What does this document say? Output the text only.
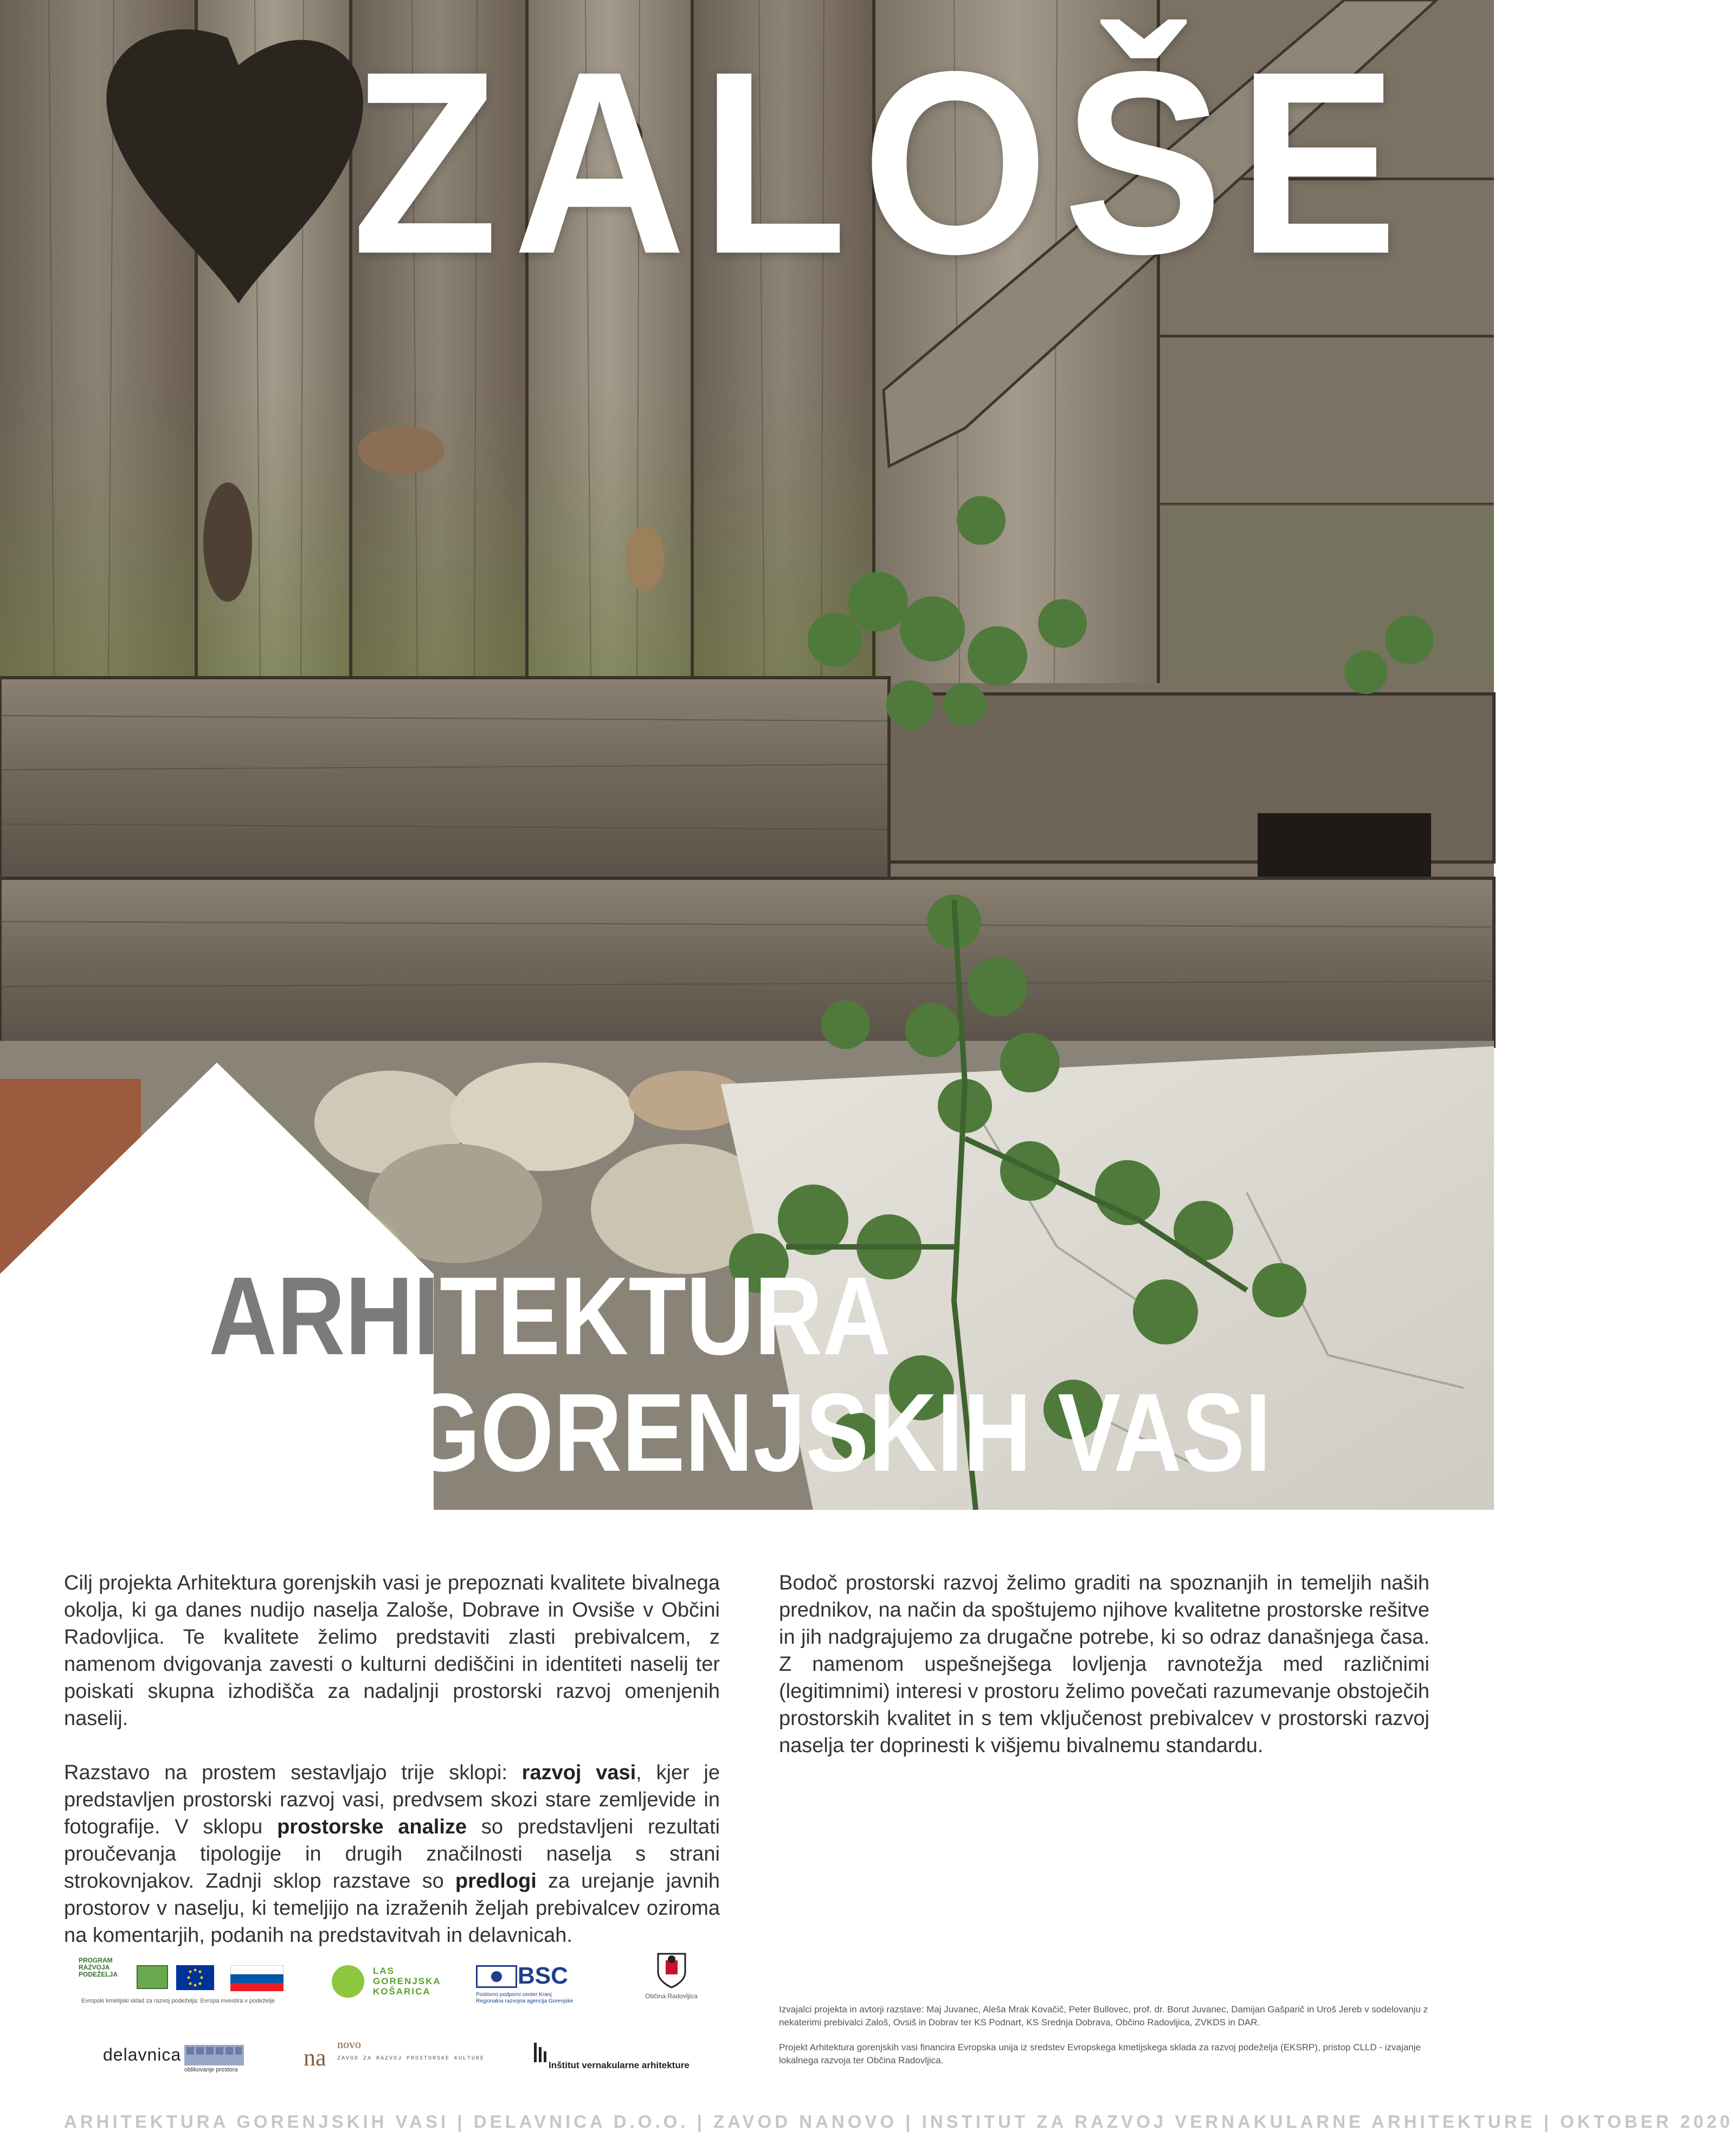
ZALOŠE
ARHITEKTURA
GORENJSKIH VASI

Cilj projekta Arhitektura gorenjskih vasi je prepoznati kvalitete bivalnega okolja, ki ga danes nudijo naselja Zaloše, Dobrave in Ovsiše v Občini Radovljica. Te kvalitete želimo predstaviti zlasti prebivalcem, z namenom dvigovanja zavesti o kulturni dediščini in identiteti naselij ter poiskati skupna izhodišča za nadaljnji prostorski razvoj omenjenih naselij.

Razstavo na prostem sestavljajo trije sklopi: razvoj vasi, kjer je predstavljen prostorski razvoj vasi, predvsem skozi stare zemljevide in fotografije. V sklopu prostorske analize so predstavljeni rezultati proučevanja tipologije in drugih značilnosti naselja s strani strokovnjakov. Zadnji sklop razstave so predlogi za urejanje javnih prostorov v naselju, ki temeljijo na izraženih željah prebivalcev oziroma na komentarjih, podanih na predstavitvah in delavnicah.

Bodoč prostorski razvoj želimo graditi na spoznanjih in temeljih naših prednikov, na način da spoštujemo njihove kvalitetne prostorske rešitve in jih nadgrajujemo za drugačne potrebe, ki so odraz današnjega časa. Z namenom uspešnejšega lovljenja ravnotežja med različnimi (legitimnimi) interesi v prostoru želimo povečati razumevanje obstoječih prostorskih kvalitet in s tem vključenost prebivalcev v prostorski razvoj naselja ter doprinesti k višjemu bivalnemu standardu.

PROGRAM
RAZVOJA
PODEŽELJA
Evropski kmetijski sklad za razvoj podeželja: Evropa investira v podeželje
LAS
GORENJSKA
KOŠARICA
BSC
Poslovno podporni center Kranj
Regionalna razvojna agencija Gorenjske
Občina Radovljica
delavnica
oblikovanje prostora	na
novo
ZAVOD ZA RAZVOJ PROSTORSKE KULTURE
Inštitut vernakularne arhitekture

Izvajalci projekta in avtorji razstave: Maj Juvanec, Aleša Mrak Kovačič, Peter Bullovec, prof. dr. Borut Juvanec, Damijan Gašparič in Uroš Jereb v sodelovanju z nekaterimi prebivalci Zaloš, Ovsiš in Dobrav ter KS Podnart, KS Srednja Dobrava, Občino Radovljica, ZVKDS in DAR.

Projekt Arhitektura gorenjskih vasi financira Evropska unija iz sredstev Evropskega kmetijskega sklada za razvoj podeželja (EKSRP), pristop CLLD - izvajanje lokalnega razvoja ter Občina Radovljica.

ARHITEKTURA GORENJSKIH VASI | DELAVNICA D.O.O. | ZAVOD NANOVO | INSTITUT ZA RAZVOJ VERNAKULARNE ARHITEKTURE | OKTOBER 2020
